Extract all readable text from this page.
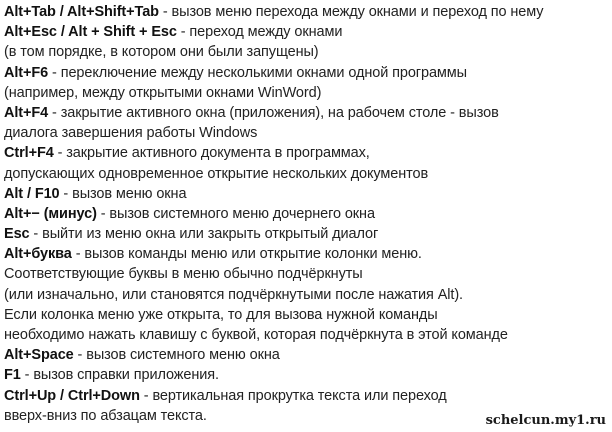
Alt+Tab / Alt+Shift+Tab - вызов меню перехода между окнами и переход по нему
Alt+Esc / Alt + Shift + Esc - переход между окнами
(в том порядке, в котором они были запущены)
Alt+F6 - переключение между несколькими окнами одной программы
(например, между открытыми окнами WinWord)
Alt+F4 - закрытие активного окна (приложения), на рабочем столе - вызов
диалога завершения работы Windows
Ctrl+F4 - закрытие активного документа в программах,
допускающих одновременное открытие нескольких документов
Alt / F10 - вызов меню окна
Alt+− (минус) - вызов системного меню дочернего окна
Esc - выйти из меню окна или закрыть открытый диалог
Alt+буква - вызов команды меню или открытие колонки меню.
Соответствующие буквы в меню обычно подчёркнуты
(или изначально, или становятся подчёркнутыми после нажатия Alt).
Если колонка меню уже открыта, то для вызова нужной команды
необходимо нажать клавишу с буквой, которая подчёркнута в этой команде
Alt+Space - вызов системного меню окна
F1 - вызов справки приложения.
Ctrl+Up / Ctrl+Down - вертикальная прокрутка текста или переход
вверх-вниз по абзацам текста.	schelcun.my1.ru
